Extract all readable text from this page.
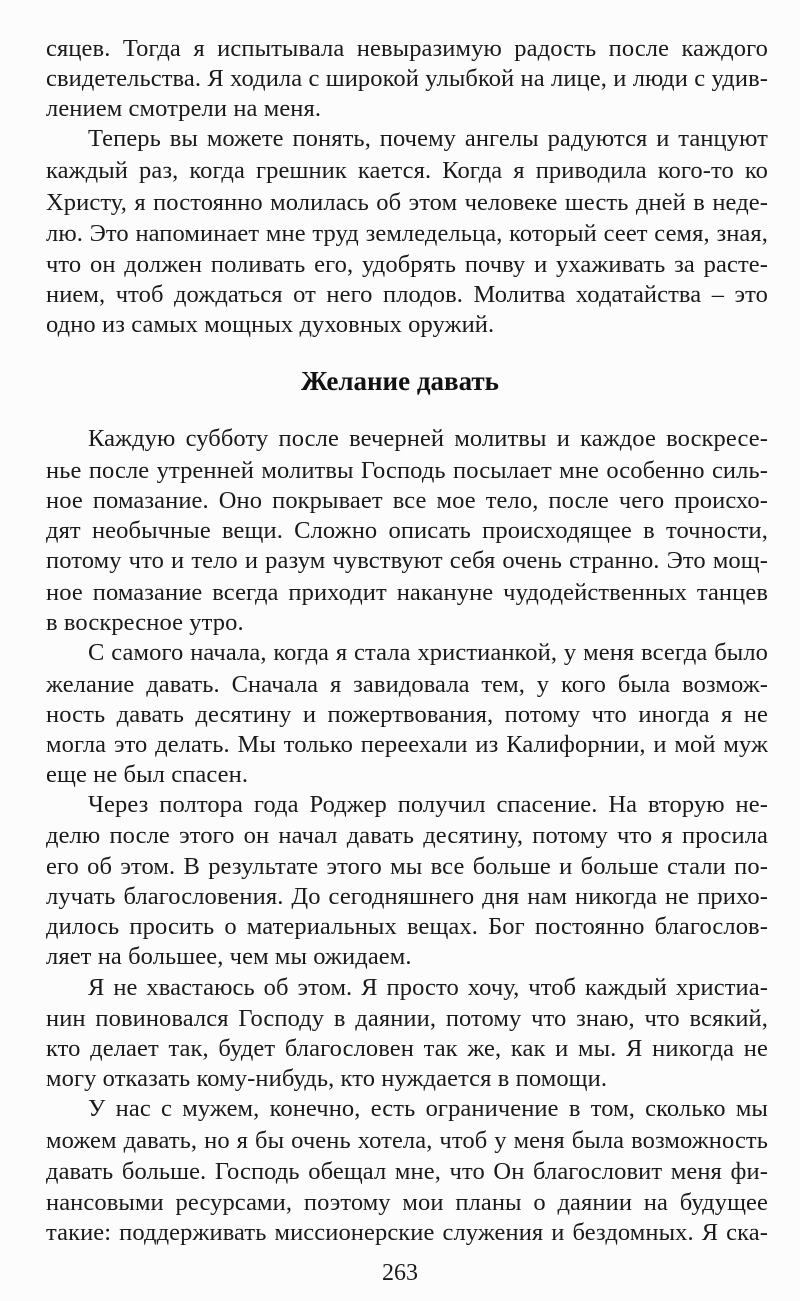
сяцев. Тогда я испытывала невыразимую радость после каждого
свидетельства. Я ходила с широкой улыбкой на лице, и люди с удив-
лением смотрели на меня.
Теперь вы можете понять, почему ангелы радуются и танцуют
каждый раз, когда грешник кается. Когда я приводила кого-то ко
Христу, я постоянно молилась об этом человеке шесть дней в неде-
лю. Это напоминает мне труд земледельца, который сеет семя, зная,
что он должен поливать его, удобрять почву и ухаживать за расте-
нием, чтоб дождаться от него плодов. Молитва ходатайства – это
одно из самых мощных духовных оружий.
Желание давать
Каждую субботу после вечерней молитвы и каждое воскресе-
нье после утренней молитвы Господь посылает мне особенно силь-
ное помазание. Оно покрывает все мое тело, после чего происхо-
дят необычные вещи. Сложно описать происходящее в точности,
потому что и тело и разум чувствуют себя очень странно. Это мощ-
ное помазание всегда приходит накануне чудодейственных танцев
в воскресное утро.
С самого начала, когда я стала христианкой, у меня всегда было
желание давать. Сначала я завидовала тем, у кого была возмож-
ность давать десятину и пожертвования, потому что иногда я не
могла это делать. Мы только переехали из Калифорнии, и мой муж
еще не был спасен.
Через полтора года Роджер получил спасение. На вторую не-
делю после этого он начал давать десятину, потому что я просила
его об этом. В результате этого мы все больше и больше стали по-
лучать благословения. До сегодняшнего дня нам никогда не прихо-
дилось просить о материальных вещах. Бог постоянно благослов-
ляет на большее, чем мы ожидаем.
Я не хвастаюсь об этом. Я просто хочу, чтоб каждый христиа-
нин повиновался Господу в даянии, потому что знаю, что всякий,
кто делает так, будет благословен так же, как и мы. Я никогда не
могу отказать кому-нибудь, кто нуждается в помощи.
У нас с мужем, конечно, есть ограничение в том, сколько мы
можем давать, но я бы очень хотела, чтоб у меня была возможность
давать больше. Господь обещал мне, что Он благословит меня фи-
нансовыми ресурсами, поэтому мои планы о даянии на будущее
такие: поддерживать миссионерские служения и бездомных. Я ска-
263
